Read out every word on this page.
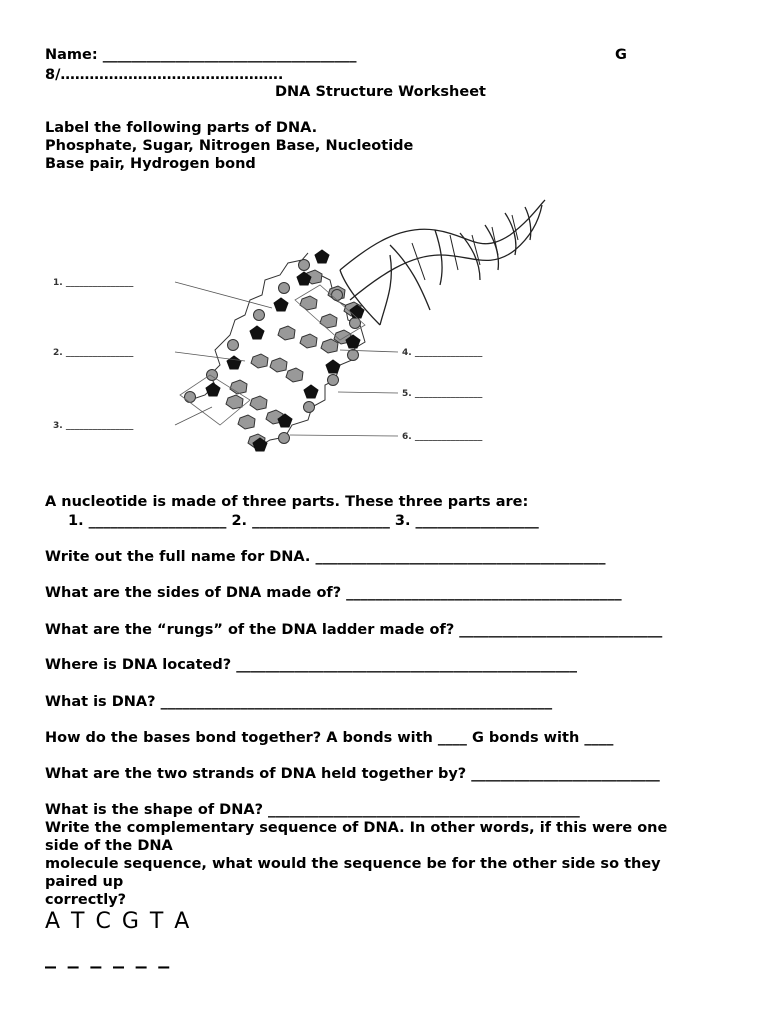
Name: ___________________________________	G
8/……………………………………….
DNA Structure Worksheet
Label the following parts of DNA.
Phosphate, Sugar, Nitrogen Base, Nucleotide
Base pair, Hydrogen bond
1. _______________
2. _______________
3. _______________
4. _______________
5. _______________
6. _______________
A nucleotide is made of three parts. These three parts are:
1. ___________________ 2. ___________________ 3. _________________
Write out the full name for DNA. ________________________________________
What are the sides of DNA made of? ______________________________________
What are the “rungs” of the DNA ladder made of? ____________________________
Where is DNA located? _______________________________________________
What is DNA? ______________________________________________________
How do the bases bond together? A bonds with ____ G bonds with ____
What are the two strands of DNA held together by? __________________________
What is the shape of DNA? ___________________________________________
Write the complementary sequence of DNA. In other words, if this were one
side of the DNA
molecule sequence, what would the sequence be for the other side so they
paired up
correctly?
A T C G T A
_ _ _ _ _ _
